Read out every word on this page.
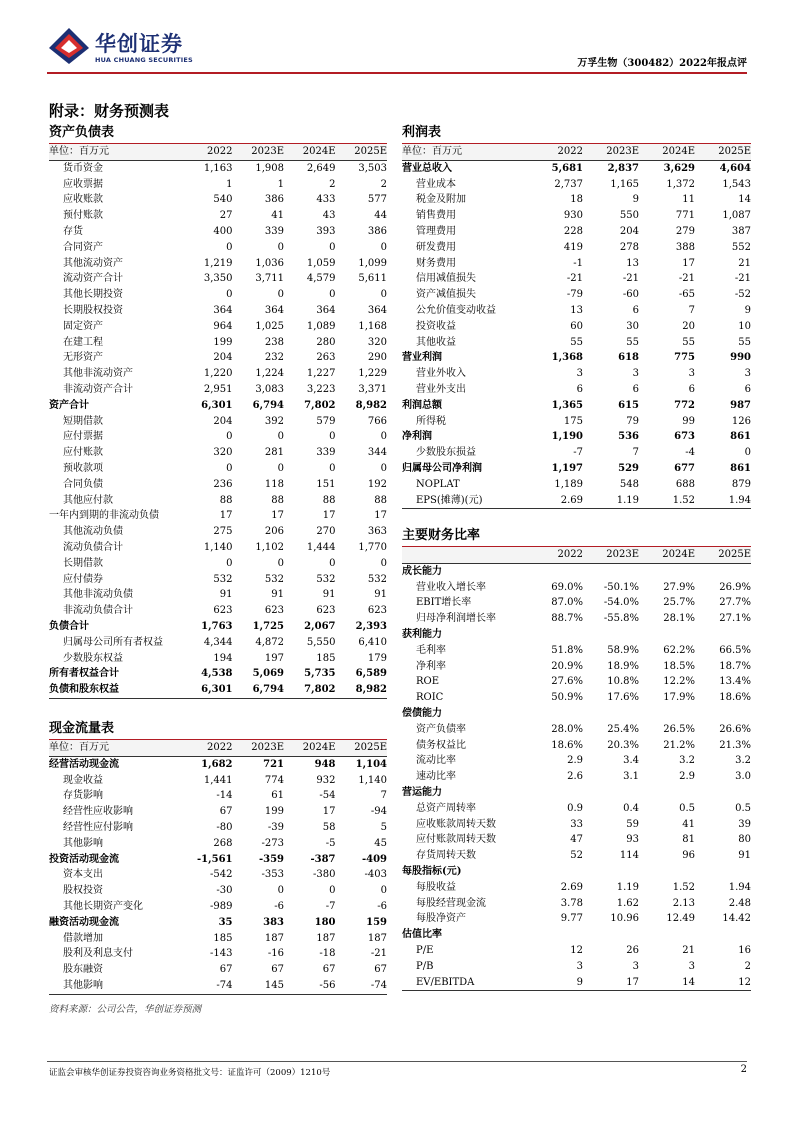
华创证券
HUA CHUANG SECURITIES	万孚生物（300482）2022年报点评
附录：财务预测表
资产负债表
单位：百万元	2022	2023E	2024E	2025E
货币资金	1,163	1,908	2,649	3,503
应收票据	1	1	2	2
应收账款	540	386	433	577
预付账款	27	41	43	44
存货	400	339	393	386
合同资产	0	0	0	0
其他流动资产	1,219	1,036	1,059	1,099
流动资产合计	3,350	3,711	4,579	5,611
其他长期投资	0	0	0	0
长期股权投资	364	364	364	364
固定资产	964	1,025	1,089	1,168
在建工程	199	238	280	320
无形资产	204	232	263	290
其他非流动资产	1,220	1,224	1,227	1,229
非流动资产合计	2,951	3,083	3,223	3,371
资产合计	6,301	6,794	7,802	8,982
短期借款	204	392	579	766
应付票据	0	0	0	0
应付账款	320	281	339	344
预收款项	0	0	0	0
合同负债	236	118	151	192
其他应付款	88	88	88	88
一年内到期的非流动负债	17	17	17	17
其他流动负债	275	206	270	363
流动负债合计	1,140	1,102	1,444	1,770
长期借款	0	0	0	0
应付债券	532	532	532	532
其他非流动负债	91	91	91	91
非流动负债合计	623	623	623	623
负债合计	1,763	1,725	2,067	2,393
归属母公司所有者权益	4,344	4,872	5,550	6,410
少数股东权益	194	197	185	179
所有者权益合计	4,538	5,069	5,735	6,589
负债和股东权益	6,301	6,794	7,802	8,982
现金流量表
单位：百万元	2022	2023E	2024E	2025E
经营活动现金流	1,682	721	948	1,104
现金收益	1,441	774	932	1,140
存货影响	-14	61	-54	7
经营性应收影响	67	199	17	-94
经营性应付影响	-80	-39	58	5
其他影响	268	-273	-5	45
投资活动现金流	-1,561	-359	-387	-409
资本支出	-542	-353	-380	-403
股权投资	-30	0	0	0
其他长期资产变化	-989	-6	-7	-6
融资活动现金流	35	383	180	159
借款增加	185	187	187	187
股利及利息支付	-143	-16	-18	-21
股东融资	67	67	67	67
其他影响	-74	145	-56	-74
利润表
单位：百万元	2022	2023E	2024E	2025E
营业总收入	5,681	2,837	3,629	4,604
营业成本	2,737	1,165	1,372	1,543
税金及附加	18	9	11	14
销售费用	930	550	771	1,087
管理费用	228	204	279	387
研发费用	419	278	388	552
财务费用	-1	13	17	21
信用减值损失	-21	-21	-21	-21
资产减值损失	-79	-60	-65	-52
公允价值变动收益	13	6	7	9
投资收益	60	30	20	10
其他收益	55	55	55	55
营业利润	1,368	618	775	990
营业外收入	3	3	3	3
营业外支出	6	6	6	6
利润总额	1,365	615	772	987
所得税	175	79	99	126
净利润	1,190	536	673	861
少数股东损益	-7	7	-4	0
归属母公司净利润	1,197	529	677	861
NOPLAT	1,189	548	688	879
EPS(摊薄)(元)	2.69	1.19	1.52	1.94
主要财务比率
	2022	2023E	2024E	2025E
成长能力				
营业收入增长率	69.0%	-50.1%	27.9%	26.9%
EBIT增长率	87.0%	-54.0%	25.7%	27.7%
归母净利润增长率	88.7%	-55.8%	28.1%	27.1%
获利能力				
毛利率	51.8%	58.9%	62.2%	66.5%
净利率	20.9%	18.9%	18.5%	18.7%
ROE	27.6%	10.8%	12.2%	13.4%
ROIC	50.9%	17.6%	17.9%	18.6%
偿债能力				
资产负债率	28.0%	25.4%	26.5%	26.6%
债务权益比	18.6%	20.3%	21.2%	21.3%
流动比率	2.9	3.4	3.2	3.2
速动比率	2.6	3.1	2.9	3.0
营运能力				
总资产周转率	0.9	0.4	0.5	0.5
应收账款周转天数	33	59	41	39
应付账款周转天数	47	93	81	80
存货周转天数	52	114	96	91
每股指标(元)				
每股收益	2.69	1.19	1.52	1.94
每股经营现金流	3.78	1.62	2.13	2.48
每股净资产	9.77	10.96	12.49	14.42
估值比率				
P/E	12	26	21	16
P/B	3	3	3	2
EV/EBITDA	9	17	14	12
资料来源：公司公告，华创证券预测
证监会审核华创证券投资咨询业务资格批文号：证监许可（2009）1210号	2
